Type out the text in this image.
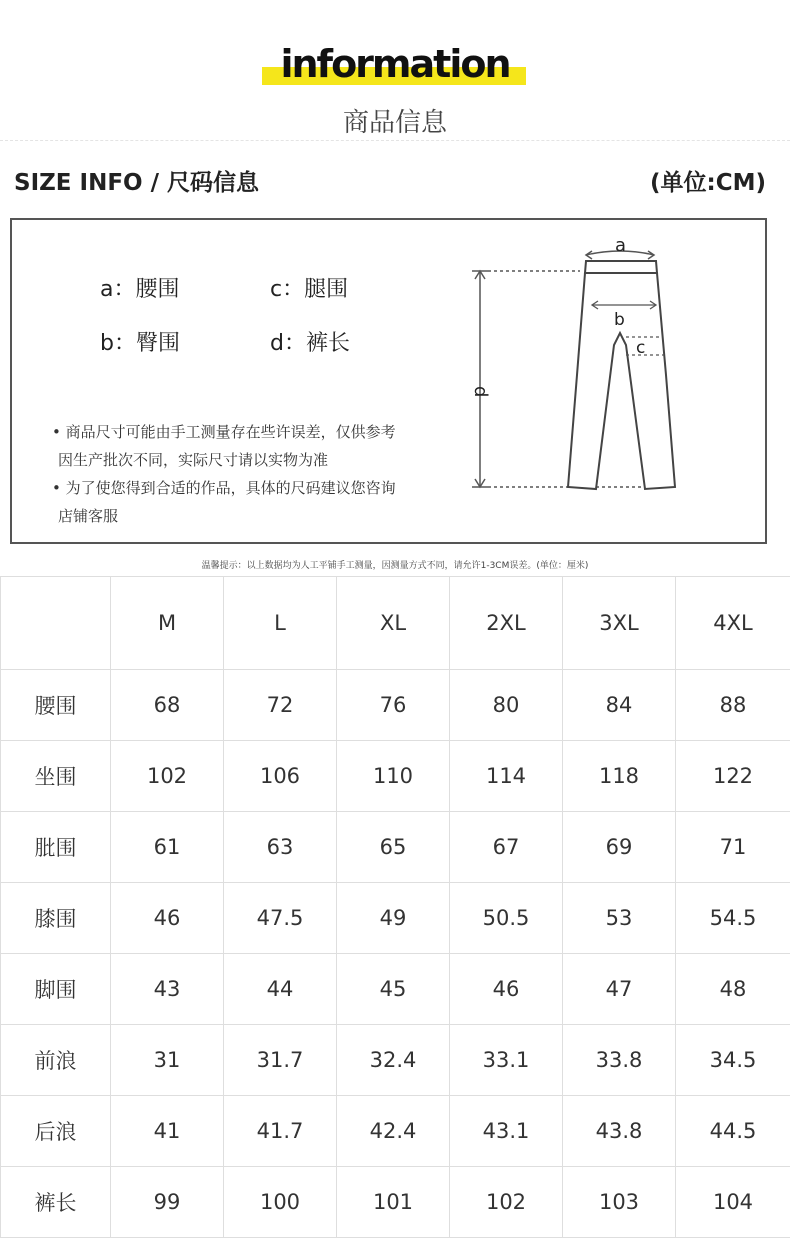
information
商品信息
SIZE INFO / 尺码信息	(单位:CM)
a：腰围	c：腿围
b：臀围	d：裤长
• 商品尺寸可能由手工测量存在些许误差，仅供参考
因生产批次不同，实际尺寸请以实物为准
• 为了使您得到合适的作品，具体的尺码建议您咨询
店铺客服
d
a
b
c
温馨提示：以上数据均为人工平铺手工测量，因测量方式不同，请允许1-3CM误差。(单位：厘米)
	M	L	XL	2XL	3XL	4XL
腰围	68	72	76	80	84	88
坐围	102	106	110	114	118	122
肶围	61	63	65	67	69	71
膝围	46	47.5	49	50.5	53	54.5
脚围	43	44	45	46	47	48
前浪	31	31.7	32.4	33.1	33.8	34.5
后浪	41	41.7	42.4	43.1	43.8	44.5
裤长	99	100	101	102	103	104
